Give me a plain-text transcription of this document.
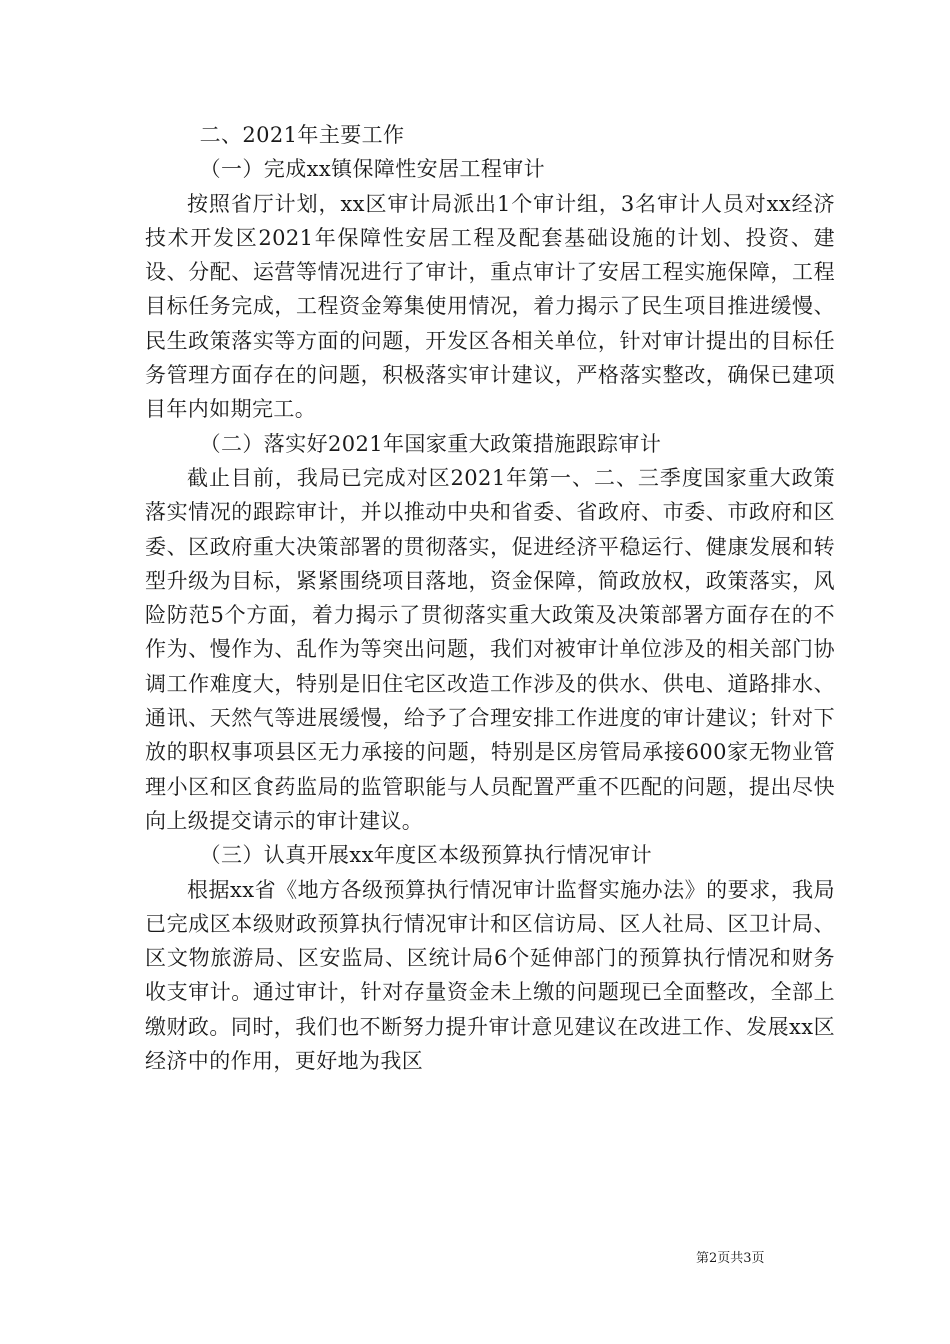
二、2021年主要工作

（一）完成xx镇保障性安居工程审计

按照省厅计划，xx区审计局派出1个审计组，3名审计人员对xx经济技术开发区2021年保障性安居工程及配套基础设施的计划、投资、建设、分配、运营等情况进行了审计，重点审计了安居工程实施保障，工程目标任务完成，工程资金筹集使用情况，着力揭示了民生项目推进缓慢、民生政策落实等方面的问题，开发区各相关单位，针对审计提出的目标任务管理方面存在的问题，积极落实审计建议，严格落实整改，确保已建项目年内如期完工。

（二）落实好2021年国家重大政策措施跟踪审计

截止目前，我局已完成对区2021年第一、二、三季度国家重大政策落实情况的跟踪审计，并以推动中央和省委、省政府、市委、市政府和区委、区政府重大决策部署的贯彻落实，促进经济平稳运行、健康发展和转型升级为目标，紧紧围绕项目落地，资金保障，简政放权，政策落实，风险防范5个方面，着力揭示了贯彻落实重大政策及决策部署方面存在的不作为、慢作为、乱作为等突出问题，我们对被审计单位涉及的相关部门协调工作难度大，特别是旧住宅区改造工作涉及的供水、供电、道路排水、通讯、天然气等进展缓慢，给予了合理安排工作进度的审计建议；针对下放的职权事项县区无力承接的问题，特别是区房管局承接600家无物业管理小区和区食药监局的监管职能与人员配置严重不匹配的问题，提出尽快向上级提交请示的审计建议。

（三）认真开展xx年度区本级预算执行情况审计

根据xx省《地方各级预算执行情况审计监督实施办法》的要求，我局已完成区本级财政预算执行情况审计和区信访局、区人社局、区卫计局、区文物旅游局、区安监局、区统计局6个延伸部门的预算执行情况和财务收支审计。通过审计，针对存量资金未上缴的问题现已全面整改，全部上缴财政。同时，我们也不断努力提升审计意见建议在改进工作、发展xx区经济中的作用，更好地为我区

第2页共3页
